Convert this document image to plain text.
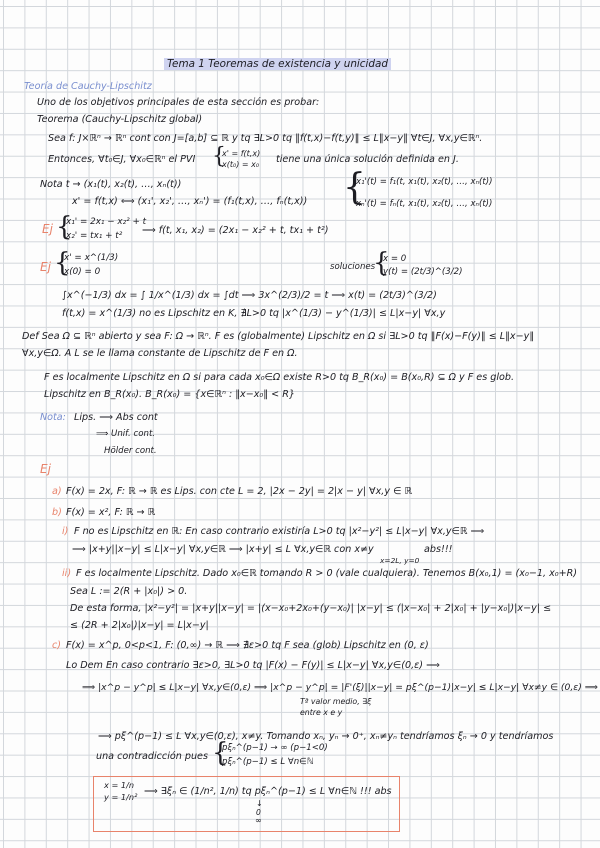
Tema 1 Teoremas de existencia y unicidad
Teoría de Cauchy-Lipschitz
Uno de los objetivos principales de esta sección es probar:
Teorema (Cauchy-Lipschitz global)
Sea f: J×ℝⁿ → ℝⁿ cont con J=[a,b] ⊆ ℝ y tq ∃L>0 tq ‖f(t,x)−f(t,y)‖ ≤ L‖x−y‖ ∀t∈J, ∀x,y∈ℝⁿ.
Entonces, ∀t₀∈J, ∀x₀∈ℝⁿ el PVI {
x' = f(t,x)
x(t₀) = x₀ tiene una única solución definida en J.
Nota t → (x₁(t), x₂(t), …, xₙ(t))
x' = f(t,x) ⟺ (x₁', x₂', …, xₙ') = (f₁(t,x), …, fₙ(t,x)) {
x₁'(t) = f₁(t, x₁(t), x₂(t), …, xₙ(t))
xₙ'(t) = fₙ(t, x₁(t), x₂(t), …, xₙ(t))
Ej {
x₁' = 2x₁ − x₂² + t
x₂' = tx₁ + t² ⟹ f(t, x₁, x₂) = (2x₁ − x₂² + t, tx₁ + t²)
Ej {
x' = x^(1/3)
x(0) = 0	soluciones
{
x = 0
y(t) = (2t/3)^(3/2)
∫x^(−1/3) dx = ∫ 1/x^(1/3) dx = ∫dt ⟹ 3x^(2/3)/2 = t ⟹ x(t) = (2t/3)^(3/2)
f(t,x) = x^(1/3) no es Lipschitz en K, ∄L>0 tq |x^(1/3) − y^(1/3)| ≤ L|x−y| ∀x,y
Def Sea Ω ⊆ ℝⁿ abierto y sea F: Ω → ℝⁿ. F es (globalmente) Lipschitz en Ω si ∃L>0 tq ‖F(x)−F(y)‖ ≤ L‖x−y‖
∀x,y∈Ω. A L se le llama constante de Lipschitz de F en Ω.
F es localmente Lipschitz en Ω si para cada x₀∈Ω existe R>0 tq B_R(x₀) = B(x₀,R) ⊆ Ω y F es glob.
Lipschitz en B_R(x₀). B_R(x₀) = {x∈ℝⁿ : ‖x−x₀‖ < R}
Nota: Lips. ⟹ Abs cont
⟹ Unif. cont.
Hölder cont.
Ej
a) F(x) = 2x, F: ℝ → ℝ es Lips. con cte L = 2, |2x − 2y| = 2|x − y| ∀x,y ∈ ℝ
b) F(x) = x², F: ℝ → ℝ
i) F no es Lipschitz en ℝ: En caso contrario existiría L>0 tq |x²−y²| ≤ L|x−y| ∀x,y∈ℝ ⟹
⟹ |x+y||x−y| ≤ L|x−y| ∀x,y∈ℝ ⟹ |x+y| ≤ L ∀x,y∈ℝ con x≠y	abs!!!
x=2L, y=0
ii) F es localmente Lipschitz. Dado x₀∈ℝ tomando R > 0 (vale cualquiera). Tenemos B(x₀,1) = (x₀−1, x₀+R)
Sea L := 2(R + |x₀|) > 0.
De esta forma, |x²−y²| = |x+y||x−y| = |(x−x₀+2x₀+(y−x₀)| |x−y| ≤ (|x−x₀| + 2|x₀| + |y−x₀|)|x−y| ≤
≤ (2R + 2|x₀|)|x−y| = L|x−y|
c) F(x) = x^p, 0<p<1, F: (0,∞) → ℝ ⟹ ∄ε>0 tq F sea (glob) Lipschitz en (0, ε)
Lo Dem En caso contrario ∃ε>0, ∃L>0 tq |F(x) − F(y)| ≤ L|x−y| ∀x,y∈(0,ε) ⟹
⟹ |x^p − y^p| ≤ L|x−y| ∀x,y∈(0,ε) ⟹ |x^p − y^p| = |F'(ξ)||x−y| = pξ^(p−1)|x−y| ≤ L|x−y| ∀x≠y ∈ (0,ε) ⟹
Tª valor medio, ∃ξ
entre x e y
⟹ pξ^(p−1) ≤ L ∀x,y∈(0,ε), x≠y. Tomando xₙ, yₙ → 0⁺, xₙ≠yₙ tendríamos ξₙ → 0 y tendríamos
una contradicción pues {
pξₙ^(p−1) → ∞ (p−1<0)
pξₙ^(p−1) ≤ L ∀n∈ℕ
x = 1/n
y = 1/n² ⟹ ∃ξₙ ∈ (1/n², 1/n) tq pξₙ^(p−1) ≤ L ∀n∈ℕ !!! abs
↓
0
∞
